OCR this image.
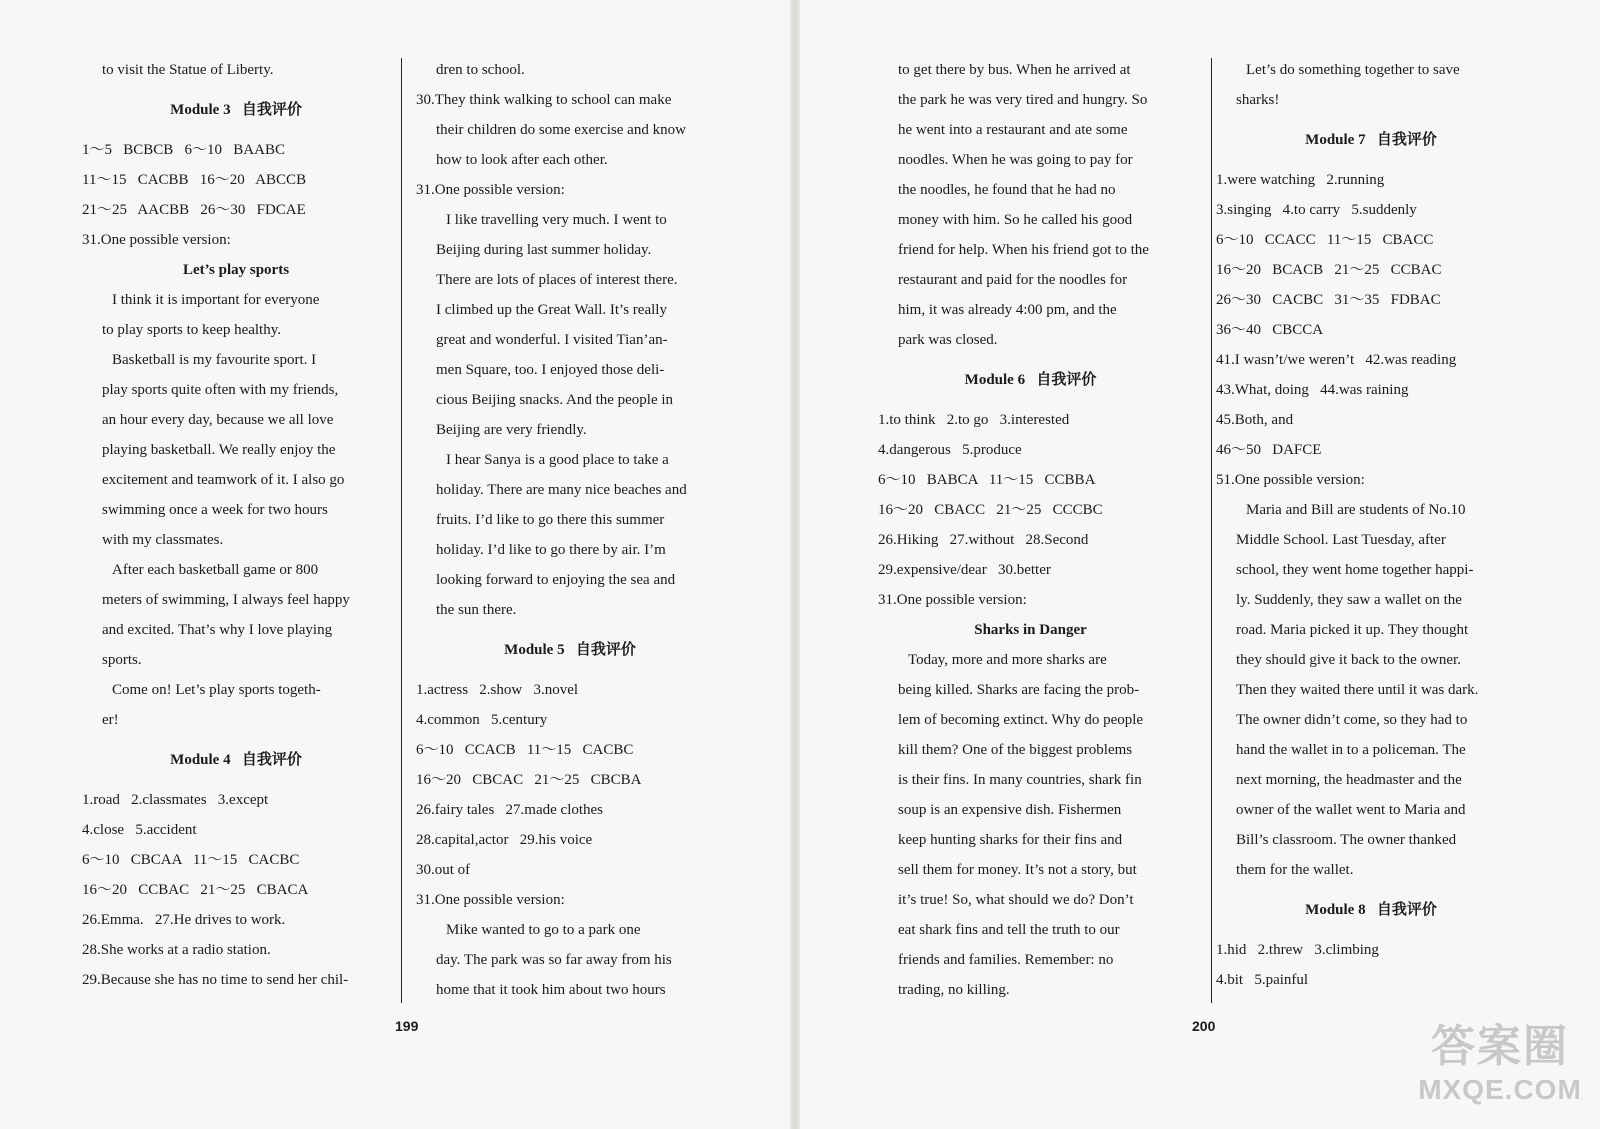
to visit the Statue of Liberty.
Module 3   自我评价
1～5   BCBCB   6～10   BAABC
11～15   CACBB   16～20   ABCCB
21～25   AACBB   26～30   FDCAE
31.One possible version:
Let’s play sports
I think it is important for everyone
to play sports to keep healthy.
Basketball is my favourite sport. I
play sports quite often with my friends,
an hour every day, because we all love
playing basketball. We really enjoy the
excitement and teamwork of it. I also go
swimming once a week for two hours
with my classmates.
After each basketball game or 800
meters of swimming, I always feel happy
and excited. That’s why I love playing
sports.
Come on! Let’s play sports togeth-
er!
Module 4   自我评价
1.road   2.classmates   3.except
4.close   5.accident
6～10   CBCAA   11～15   CACBC
16～20   CCBAC   21～25   CBACA
26.Emma.   27.He drives to work.
28.She works at a radio station.
29.Because she has no time to send her chil-
dren to school.
30.They think walking to school can make
their children do some exercise and know
how to look after each other.
31.One possible version:
I like travelling very much. I went to
Beijing during last summer holiday.
There are lots of places of interest there.
I climbed up the Great Wall. It’s really
great and wonderful. I visited Tian’an-
men Square, too. I enjoyed those deli-
cious Beijing snacks. And the people in
Beijing are very friendly.
I hear Sanya is a good place to take a
holiday. There are many nice beaches and
fruits. I’d like to go there this summer
holiday. I’d like to go there by air. I’m
looking forward to enjoying the sea and
the sun there.
Module 5   自我评价
1.actress   2.show   3.novel
4.common   5.century
6～10   CCACB   11～15   CACBC
16～20   CBCAC   21～25   CBCBA
26.fairy tales   27.made clothes
28.capital,actor   29.his voice
30.out of
31.One possible version:
Mike wanted to go to a park one
day. The park was so far away from his
home that it took him about two hours
199
to get there by bus. When he arrived at
the park he was very tired and hungry. So
he went into a restaurant and ate some
noodles. When he was going to pay for
the noodles, he found that he had no
money with him. So he called his good
friend for help. When his friend got to the
restaurant and paid for the noodles for
him, it was already 4:00 pm, and the
park was closed.
Module 6   自我评价
1.to think   2.to go   3.interested
4.dangerous   5.produce
6～10   BABCA   11～15   CCBBA
16～20   CBACC   21～25   CCCBC
26.Hiking   27.without   28.Second
29.expensive/dear   30.better
31.One possible version:
Sharks in Danger
Today, more and more sharks are
being killed. Sharks are facing the prob-
lem of becoming extinct. Why do people
kill them? One of the biggest problems
is their fins. In many countries, shark fin
soup is an expensive dish. Fishermen
keep hunting sharks for their fins and
sell them for money. It’s not a story, but
it’s true! So, what should we do? Don’t
eat shark fins and tell the truth to our
friends and families. Remember: no
trading, no killing.
Let’s do something together to save
sharks!
Module 7   自我评价
1.were watching   2.running
3.singing   4.to carry   5.suddenly
6～10   CCACC   11～15   CBACC
16～20   BCACB   21～25   CCBAC
26～30   CACBC   31～35   FDBAC
36～40   CBCCA
41.I wasn’t/we weren’t   42.was reading
43.What, doing   44.was raining
45.Both, and
46～50   DAFCE
51.One possible version:
Maria and Bill are students of No.10
Middle School. Last Tuesday, after
school, they went home together happi-
ly. Suddenly, they saw a wallet on the
road. Maria picked it up. They thought
they should give it back to the owner.
Then they waited there until it was dark.
The owner didn’t come, so they had to
hand the wallet in to a policeman. The
next morning, the headmaster and the
owner of the wallet went to Maria and
Bill’s classroom. The owner thanked
them for the wallet.
Module 8   自我评价
1.hid   2.threw   3.climbing
4.bit   5.painful
200	答案圈
MXQE.COM
